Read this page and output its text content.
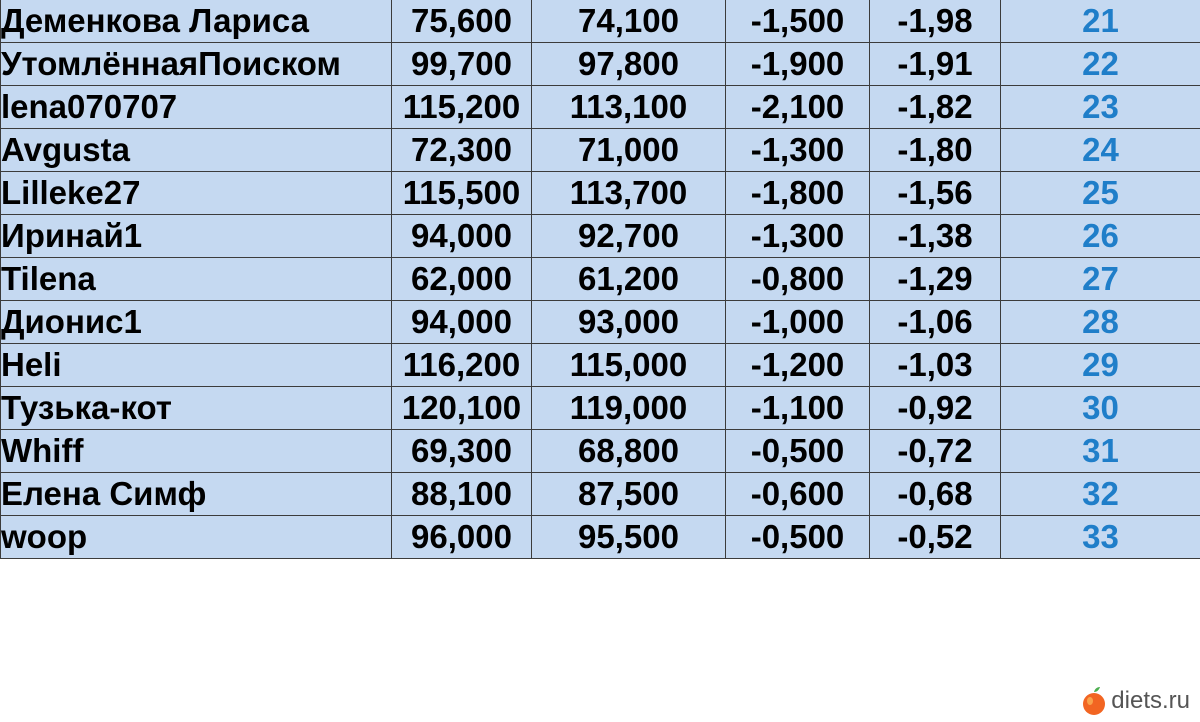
Деменкова Лариса	75,600	74,100	-1,500	-1,98	21
УтомлённаяПоиском	99,700	97,800	-1,900	-1,91	22
lena070707	115,200	113,100	-2,100	-1,82	23
Avgusta	72,300	71,000	-1,300	-1,80	24
Lilleke27	115,500	113,700	-1,800	-1,56	25
Иринай1	94,000	92,700	-1,300	-1,38	26
Tilena	62,000	61,200	-0,800	-1,29	27
Дионис1	94,000	93,000	-1,000	-1,06	28
Heli	116,200	115,000	-1,200	-1,03	29
Тузька-кот	120,100	119,000	-1,100	-0,92	30
Whiff	69,300	68,800	-0,500	-0,72	31
Елена Симф	88,100	87,500	-0,600	-0,68	32
woop	96,000	95,500	-0,500	-0,52	33
diets.ru
